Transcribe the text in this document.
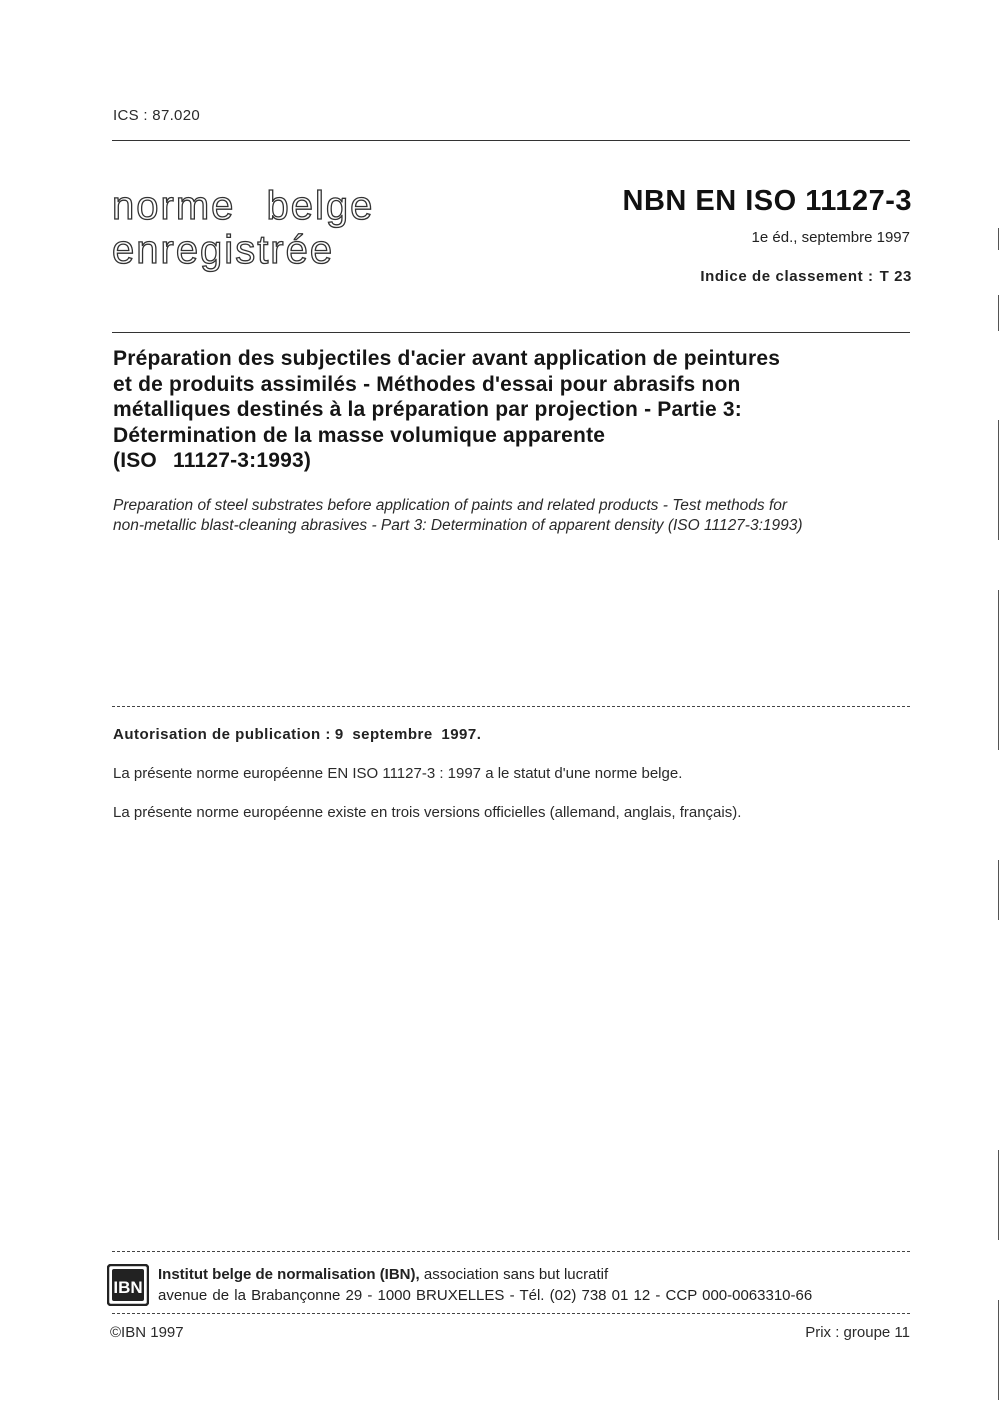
ICS : 87.020
norme belge
enregistrée
NBN EN ISO 11127-3
1e éd., septembre 1997
Indice de classement : T 23
Préparation des subjectiles d'acier avant application de peintures
et de produits assimilés - Méthodes d'essai pour abrasifs non
métalliques destinés à la préparation par projection - Partie 3:
Détermination de la masse volumique apparente
(ISO 11127-3:1993)
Preparation of steel substrates before application of paints and related products - Test methods for
non-metallic blast-cleaning abrasives - Part 3: Determination of apparent density (ISO 11127-3:1993)
Autorisation de publication : 9 septembre 1997.
La présente norme européenne EN ISO 11127-3 : 1997 a le statut d'une norme belge.
La présente norme européenne existe en trois versions officielles (allemand, anglais, français).
IBN
Institut belge de normalisation (IBN), association sans but lucratif
avenue de la Brabançonne 29 - 1000 BRUXELLES - Tél. (02) 738 01 12 - CCP 000-0063310-66
©IBN 1997	Prix : groupe 11
